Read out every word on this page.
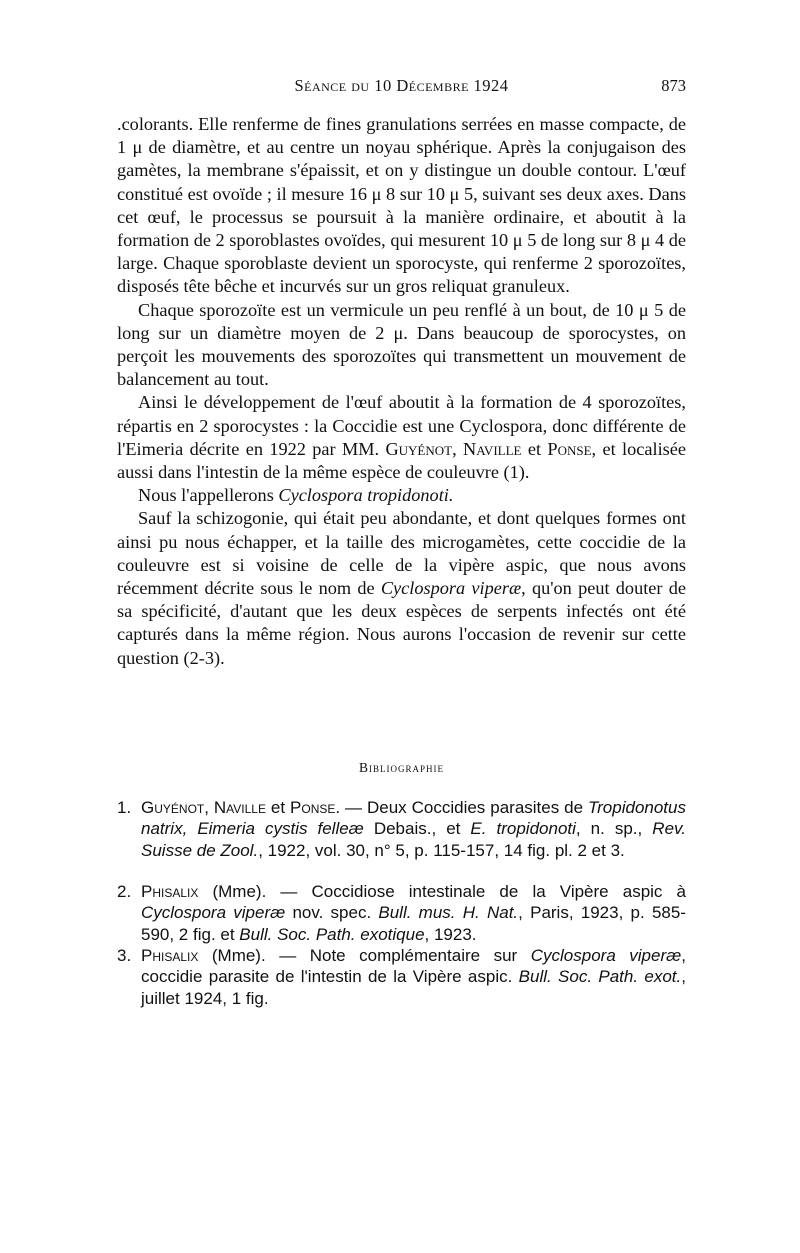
Séance du 10 Décembre 1924	873

.colorants. Elle renferme de fines granulations serrées en masse compacte, de 1 μ de diamètre, et au centre un noyau sphérique. Après la conjugaison des gamètes, la membrane s'épaissit, et on y distingue un double contour. L'œuf constitué est ovoïde ; il mesure 16 μ 8 sur 10 μ 5, suivant ses deux axes. Dans cet œuf, le processus se poursuit à la manière ordinaire, et aboutit à la formation de 2 sporoblastes ovoïdes, qui mesurent 10 μ 5 de long sur 8 μ 4 de large. Chaque sporoblaste devient un sporocyste, qui renferme 2 sporozoïtes, disposés tête bêche et incurvés sur un gros reliquat granuleux.

Chaque sporozoïte est un vermicule un peu renflé à un bout, de 10 μ 5 de long sur un diamètre moyen de 2 μ. Dans beaucoup de sporocystes, on perçoit les mouvements des sporozoïtes qui transmettent un mouvement de balancement au tout.

Ainsi le développement de l'œuf aboutit à la formation de 4 sporozoïtes, répartis en 2 sporocystes : la Coccidie est une Cyclospora, donc différente de l'Eimeria décrite en 1922 par MM. Guyénot, Naville et Ponse, et localisée aussi dans l'intestin de la même espèce de couleuvre (1).

Nous l'appellerons Cyclospora tropidonoti.

Sauf la schizogonie, qui était peu abondante, et dont quelques formes ont ainsi pu nous échapper, et la taille des microgamètes, cette coccidie de la couleuvre est si voisine de celle de la vipère aspic, que nous avons récemment décrite sous le nom de Cyclospora viperæ, qu'on peut douter de sa spécificité, d'autant que les deux espèces de serpents infectés ont été capturés dans la même région. Nous aurons l'occasion de revenir sur cette question (2-3).

Bibliographie
1. Guyénot, Naville et Ponse. — Deux Coccidies parasites de Tropidonotus natrix, Eimeria cystis felleæ Debais., et E. tropidonoti, n. sp., Rev. Suisse de Zool., 1922, vol. 30, n° 5, p. 115-157, 14 fig. pl. 2 et 3.
2. Phisalix (Mme). — Coccidiose intestinale de la Vipère aspic à Cyclospora viperæ nov. spec. Bull. mus. H. Nat., Paris, 1923, p. 585-590, 2 fig. et Bull. Soc. Path. exotique, 1923.
3. Phisalix (Mme). — Note complémentaire sur Cyclospora viperæ, coccidie parasite de l'intestin de la Vipère aspic. Bull. Soc. Path. exot., juillet 1924, 1 fig.
